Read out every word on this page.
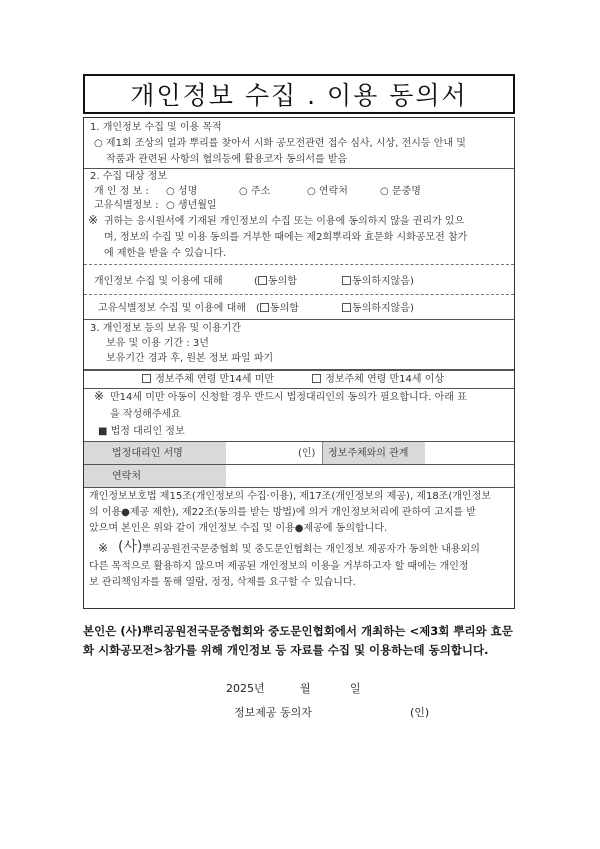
개인정보 수집 . 이용 동의서
1. 개인정보 수집 및 이용 목적
○ 제1회 조상의 얼과 뿌리를 찾아서 시화 공모전관련 접수 심사, 시상, 전시등 안내 및
작품과 관련된 사항의 협의등에 활용코자 동의서를 받음
2. 수집 대상 정보
개 인 정 보 : ○ 성명	○ 주소	○ 연락처	○ 문중명
고유식별정보 : ○ 생년월일
※ 귀하는 응시원서에 기재된 개인정보의 수집 또는 이용에 동의하지 않을 권리가 있으
며, 정보의 수집 및 이용 동의를 거부한 때에는 제2회뿌리와 효문화 시화공모전 참가
에 제한을 받을 수 있습니다.
개인정보 수집 및 이용에 대해	( 동의함	동의하지않음)
고유식별정보 수집 및 이용에 대해 ( 동의함	동의하지않음)
3. 개인정보 등의 보유 및 이용기간
보유 및 이용 기간 : 3년
보유기간 경과 후, 원본 정보 파일 파기
정보주체 연령 만14세 미만	정보주체 연령 만14세 이상
※ 만14세 미만 아동이 신청할 경우 반드시 법정대리인의 동의가 필요합니다. 아래 표
을 작성해주세요
■ 법정 대리인 정보
법정대리인 서명	(인) 정보주체와의 관계
연락처
개인정보보호법 제15조(개인정보의 수집·이용), 제17조(개인정보의 제공), 제18조(개인정보
의 이용●제공 제한), 제22조(동의를 받는 방법)에 의거 개인정보처리에 관하여 고지를 받
았으며 본인은 위와 같이 개인정보 수집 및 이용●제공에 동의합니다.
※ (사) 뿌리공원전국문중협회 및 중도문인협회는 개인정보 제공자가 동의한 내용외의
다른 목적으로 활용하지 않으며 제공된 개인정보의 이용을 거부하고자 할 때에는 개인정
보 관리책임자를 통해 열람, 정정, 삭제를 요구할 수 있습니다.
본인은 (사)뿌리공원전국문중협회와 중도문인협회에서 개최하는 <제3회 뿌리와 효문화 시화공모전>참가를 위해 개인정보 등 자료를 수집 및 이용하는데 동의합니다.
2025년	월	일
정보제공 동의자	(인)
